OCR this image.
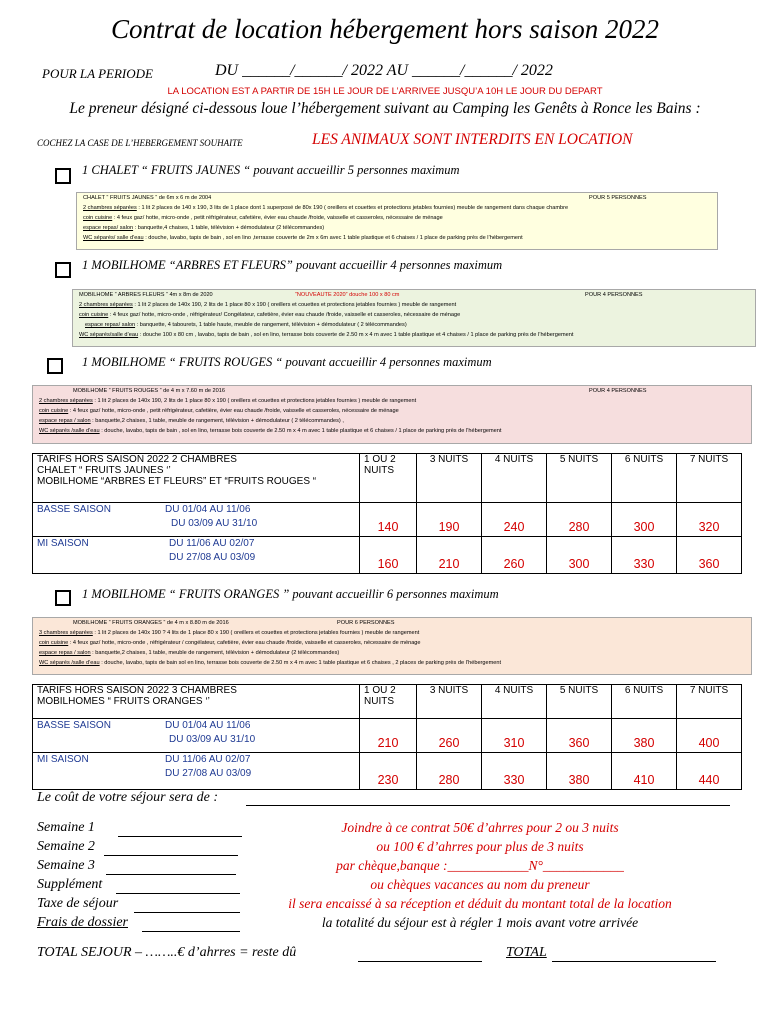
Contrat de location hébergement hors saison 2022
POUR LA PERIODE	DU ______/______/ 2022 AU ______/______/ 2022
LA LOCATION EST A PARTIR DE 15H LE JOUR DE L’ARRIVEE JUSQU’A 10H LE JOUR DU DEPART
Le preneur désigné ci-dessous loue l’hébergement suivant au Camping les Genêts à Ronce les Bains :
COCHEZ LA CASE DE L’HEBERGEMENT SOUHAITE	LES ANIMAUX SONT INTERDITS EN LOCATION
1 CHALET “ FRUITS JAUNES “ pouvant accueillir 5 personnes maximum
CHALET “ FRUITS JAUNES “ de 6m x 6 m de 2004	POUR 5 PERSONNES
2 chambres séparées : 1 lit 2 places de 140 x 190, 3 lits de 1 place dont 1 superposé de 80x 190 ( oreillers et couettes et protections jetables fournies) meuble de rangement dans chaque chambre
coin cuisine : 4 feux gaz/ hotte, micro-onde , petit réfrigérateur, cafetière, évier eau chaude /froide, vaisselle et casseroles, nécessaire de ménage
espace repas/ salon : banquette,4 chaises, 1 table, télévision + démodulateur (2 télécommandes)
WC séparés/ salle d’eau : douche, lavabo, tapis de bain , sol en lino ,terrasse couverte de 2m x 6m avec 1 table plastique et 6 chaises / 1 place de parking près de l’hébergement
1 MOBILHOME “ARBRES ET FLEURS” pouvant accueillir 4 personnes maximum
MOBILHOME “ ARBRES FLEURS “ 4m x 8m de 2020	“NOUVEAUTE 2020” douche 100 x 80 cm	POUR 4 PERSONNES
2 chambres séparées : 1 lit 2 places de 140x 190, 2 lits de 1 place 80 x 190 ( oreillers et couettes et protections jetables fournies ) meuble de rangement
coin cuisine : 4 feux gaz/ hotte, micro-onde , réfrigérateur/ Congélateur, cafetière, évier eau chaude /froide, vaisselle et casseroles, nécessaire de ménage
espace repas/ salon : banquette, 4 tabourets, 1 table haute, meuble de rangement, télévision + démodulateur ( 2 télécommandes)
WC séparés/salle d’eau : douche 100 x 80 cm , lavabo, tapis de bain , sol en lino, terrasse bois couverte de 2.50 m x 4 m avec 1 table plastique et 4 chaises / 1 place de parking près de l’hébergement
1 MOBILHOME “ FRUITS ROUGES “ pouvant accueillir 4 personnes maximum
MOBILHOME “ FRUITS ROUGES “ de 4 m x 7.60 m de 2016	POUR 4 PERSONNES
2 chambres séparées : 1 lit 2 places de 140x 190, 2 lits de 1 place 80 x 190 ( oreillers et couettes et protections jetables fournies ) meuble de rangement
coin cuisine : 4 feux gaz/ hotte, micro-onde , petit réfrigérateur, cafetière, évier eau chaude /froide, vaisselle et casseroles, nécessaire de ménage
espace repas / salon : banquette,2 chaises, 1 table, meuble de rangement, télévision + démodulateur ( 2 télécommandes) ,
WC séparés /salle d’eau : douche, lavabo, tapis de bain , sol en lino, terrasse bois couverte de 2.50 m x 4 m avec 1 table plastique et 6 chaises / 1 place de parking près de l’hébergement
TARIFS HORS SAISON 2022 2 CHAMBRES
CHALET “ FRUITS JAUNES ‘’
MOBILHOME “ARBRES ET FLEURS” ET “FRUITS ROUGES “	1 OU 2 NUITS	3 NUITS	4 NUITS	5 NUITS	6 NUITS	7 NUITS

BASSE SAISON DU 01/04 AU 11/06
DU 03/09 AU 31/10	140	190	240	280	300	320

MI SAISON DU 11/06 AU 02/07
DU 27/08 AU 03/09	160	210	260	300	330	360
1 MOBILHOME “ FRUITS ORANGES ” pouvant accueillir 6 personnes maximum
MOBILHOME “ FRUITS ORANGES “ de 4 m x 8.80 m de 2016	POUR 6 PERSONNES
3 chambres séparées : 1 lit 2 places de 140x 190 ? 4 lits de 1 place 80 x 190 ( oreillers et couettes et protections jetables fournies ) meuble de rangement
coin cuisine : 4 feux gaz/ hotte, micro-onde , réfrigérateur / congélateur, cafetière, évier eau chaude /froide, vaisselle et casseroles, nécessaire de ménage
espace repas / salon : banquette,2 chaises, 1 table, meuble de rangement, télévision + démodulateur (2 télécommandes)
WC séparés /salle d’eau : douche, lavabo, tapis de bain sol en lino, terrasse bois couverte de 2.50 m x 4 m avec 1 table plastique et 6 chaises , 2 places de parking près de l’hébergement
TARIFS HORS SAISON 2022 3 CHAMBRES
MOBILHOMES “ FRUITS ORANGES ‘’	1 OU 2 NUITS	3 NUITS	4 NUITS	5 NUITS	6 NUITS	7 NUITS

BASSE SAISON DU 01/04 AU 11/06
DU 03/09 AU 31/10	210	260	310	360	380	400

MI SAISON DU 11/06 AU 02/07
DU 27/08 AU 03/09	230	280	330	380	410	440
Le coût de votre séjour sera de :
Semaine 1
Semaine 2
Semaine 3
Supplément
Taxe de séjour
Frais de dossier
Joindre à ce contrat 50€ d’ahrres pour 2 ou 3 nuits
ou 100 € d’ahrres pour plus de 3 nuits
par chèque,banque :____________N°____________
ou chèques vacances au nom du preneur
il sera encaissé à sa réception et déduit du montant total de la location
la totalité du séjour est à régler 1 mois avant votre arrivée
TOTAL SEJOUR – ……..€ d’ahrres = reste dû	TOTAL
